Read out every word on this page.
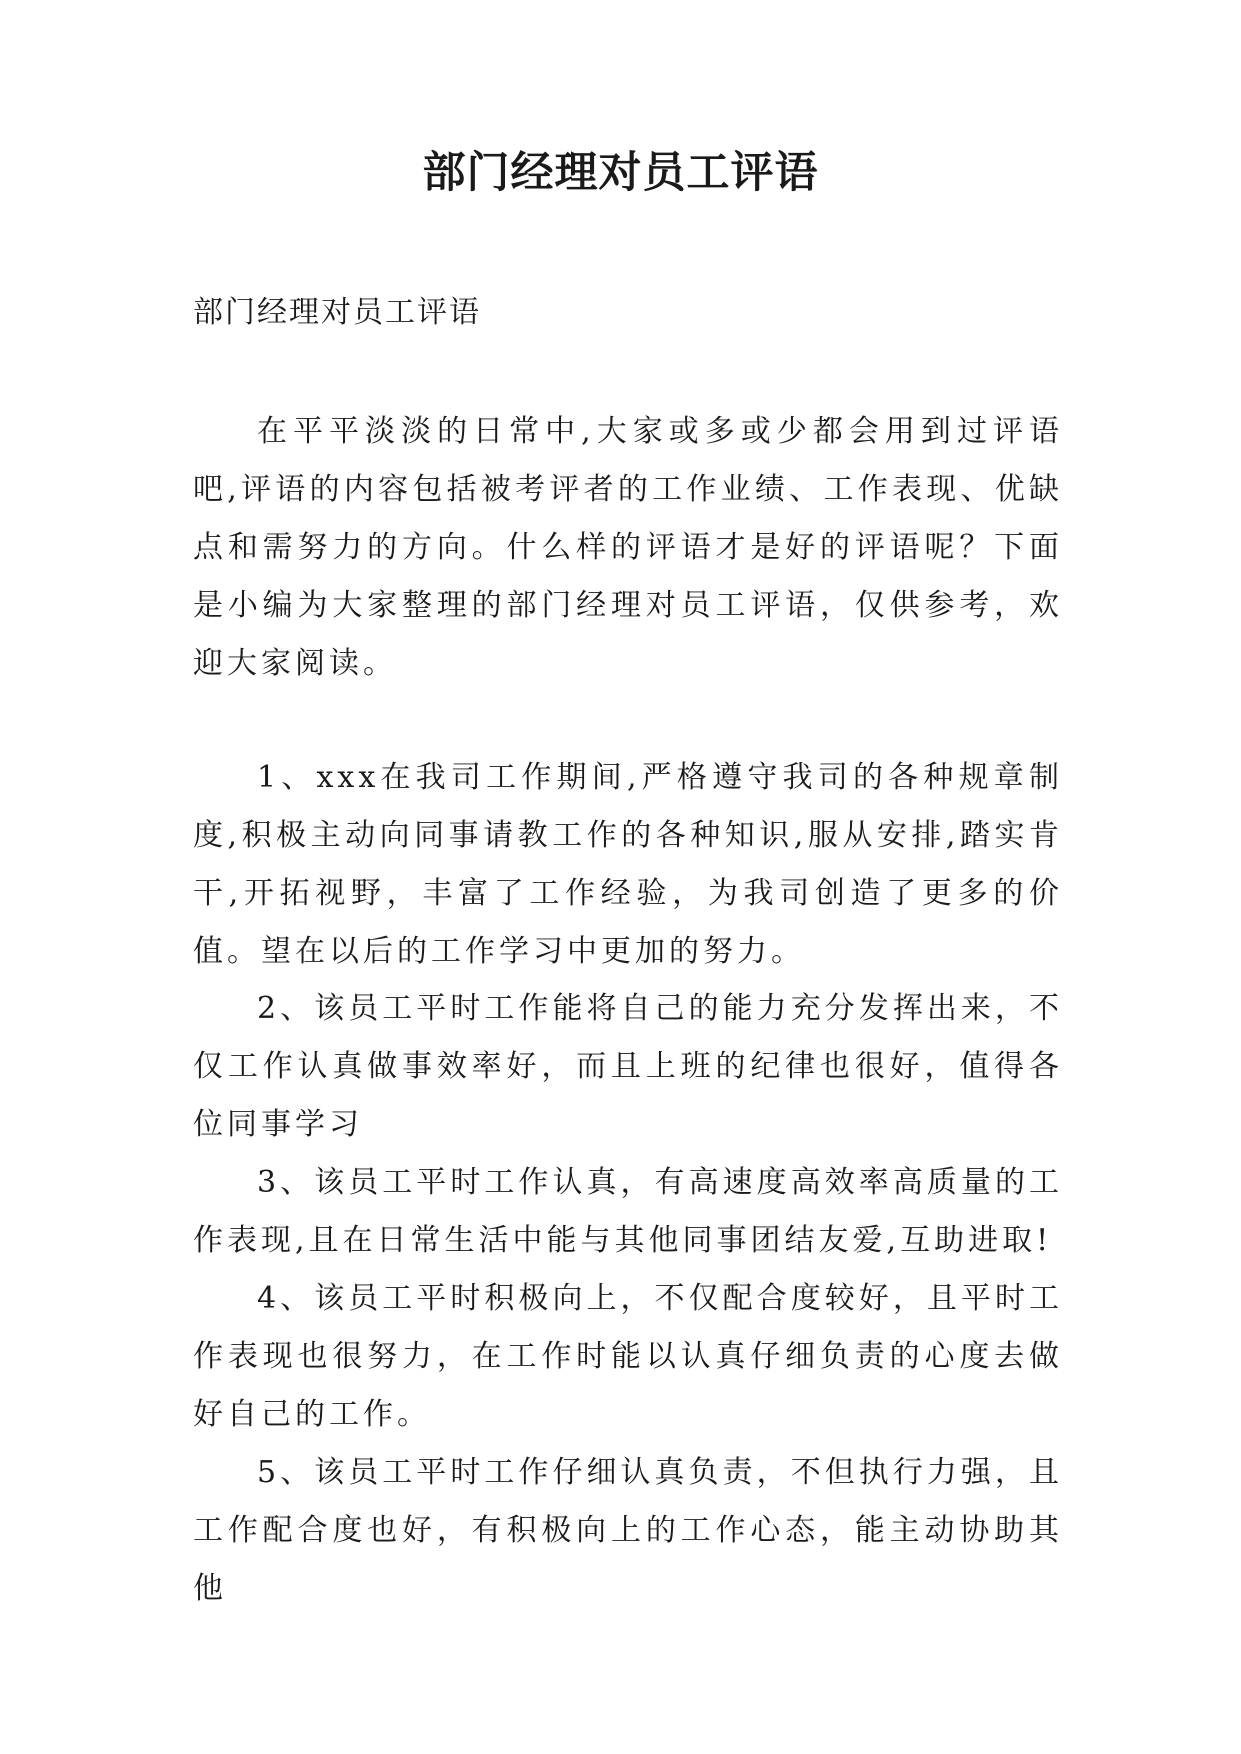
部门经理对员工评语

部门经理对员工评语

在平平淡淡的日常中,大家或多或少都会用到过评语吧,评语的内容包括被考评者的工作业绩、工作表现、优缺点和需努力的方向。什么样的评语才是好的评语呢？下面是小编为大家整理的部门经理对员工评语，仅供参考，欢迎大家阅读。

1、xxx在我司工作期间,严格遵守我司的各种规章制度,积极主动向同事请教工作的各种知识,服从安排,踏实肯干,开拓视野，丰富了工作经验，为我司创造了更多的价值。望在以后的工作学习中更加的努力。

2、该员工平时工作能将自己的能力充分发挥出来，不仅工作认真做事效率好，而且上班的纪律也很好，值得各位同事学习

3、该员工平时工作认真，有高速度高效率高质量的工作表现,且在日常生活中能与其他同事团结友爱,互助进取!

4、该员工平时积极向上，不仅配合度较好，且平时工作表现也很努力，在工作时能以认真仔细负责的心度去做好自己的工作。

5、该员工平时工作仔细认真负责，不但执行力强，且工作配合度也好，有积极向上的工作心态，能主动协助其他
